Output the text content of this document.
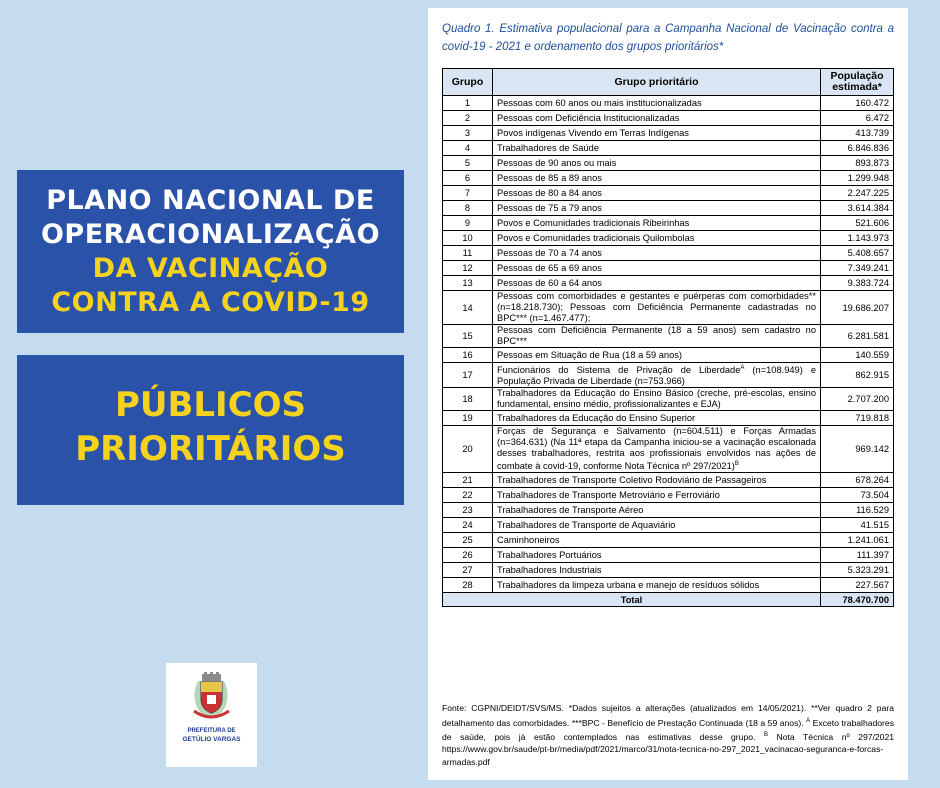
PLANO NACIONAL DE
OPERACIONALIZAÇÃO
DA VACINAÇÃO
CONTRA A COVID-19
PÚBLICOS
PRIORITÁRIOS
PREFEITURA DE
GETÚLIO VARGAS
Quadro 1. Estimativa populacional para a Campanha Nacional de Vacinação contra a covid-19 - 2021 e ordenamento dos grupos prioritários*
Grupo	Grupo prioritário	População estimada*
1	Pessoas com 60 anos ou mais institucionalizadas	160.472
2	Pessoas com Deficiência Institucionalizadas	6.472
3	Povos indígenas Vivendo em Terras Indígenas	413.739
4	Trabalhadores de Saúde	6.846.836
5	Pessoas de 90 anos ou mais	893.873
6	Pessoas de 85 a 89 anos	1.299.948
7	Pessoas de 80 a 84 anos	2.247.225
8	Pessoas de 75 a 79 anos	3.614.384
9	Povos e Comunidades tradicionais Ribeirinhas	521.606
10	Povos e Comunidades tradicionais Quilombolas	1.143.973
11	Pessoas de 70 a 74 anos	5.408.657
12	Pessoas de 65 a 69 anos	7.349.241
13	Pessoas de 60 a 64 anos	9.383.724
14	Pessoas com comorbidades e gestantes e puérperas com comorbidades** (n=18.218.730); Pessoas com Deficiência Permanente cadastradas no BPC*** (n=1.467.477);	19.686.207
15	Pessoas com Deficiência Permanente (18 a 59 anos) sem cadastro no BPC***	6.281.581
16	Pessoas em Situação de Rua (18 a 59 anos)	140.559
17	Funcionários do Sistema de Privação de Liberdade$^A$ (n=108.949) e População Privada de Liberdade (n=753.966)	862.915
18	Trabalhadores da Educação do Ensino Básico (creche, pré-escolas, ensino fundamental, ensino médio, profissionalizantes e EJA)	2.707.200
19	Trabalhadores da Educação do Ensino Superior	719.818
20	Forças de Segurança e Salvamento (n=604.511) e Forças Armadas (n=364.631) (Na 11ª etapa da Campanha iniciou-se a vacinação escalonada desses trabalhadores, restrita aos profissionais envolvidos nas ações de combate à covid-19, conforme Nota Técnica nº 297/2021)$^B$	969.142
21	Trabalhadores de Transporte Coletivo Rodoviário de Passageiros	678.264
22	Trabalhadores de Transporte Metroviário e Ferroviário	73.504
23	Trabalhadores de Transporte Aéreo	116.529
24	Trabalhadores de Transporte de Aquaviário	41.515
25	Caminhoneiros	1.241.061
26	Trabalhadores Portuários	111.397
27	Trabalhadores Industriais	5.323.291
28	Trabalhadores da limpeza urbana e manejo de resíduos sólidos	227.567
Total		78.470.700
Fonte: CGPNI/DEIDT/SVS/MS. *Dados sujeitos a alterações (atualizados em 14/05/2021). **Ver quadro 2 para detalhamento das comorbidades. ***BPC - Benefício de Prestação Continuada (18 a 59 anos). $^A$ Exceto trabalhadores de saúde, pois já estão contemplados nas estimativas desse grupo. $^B$ Nota Técnica nº 297/2021 https://www.gov.br/saude/pt-br/media/pdf/2021/marco/31/nota-tecnica-no-297_2021_vacinacao-seguranca-e-forcas-armadas.pdf
